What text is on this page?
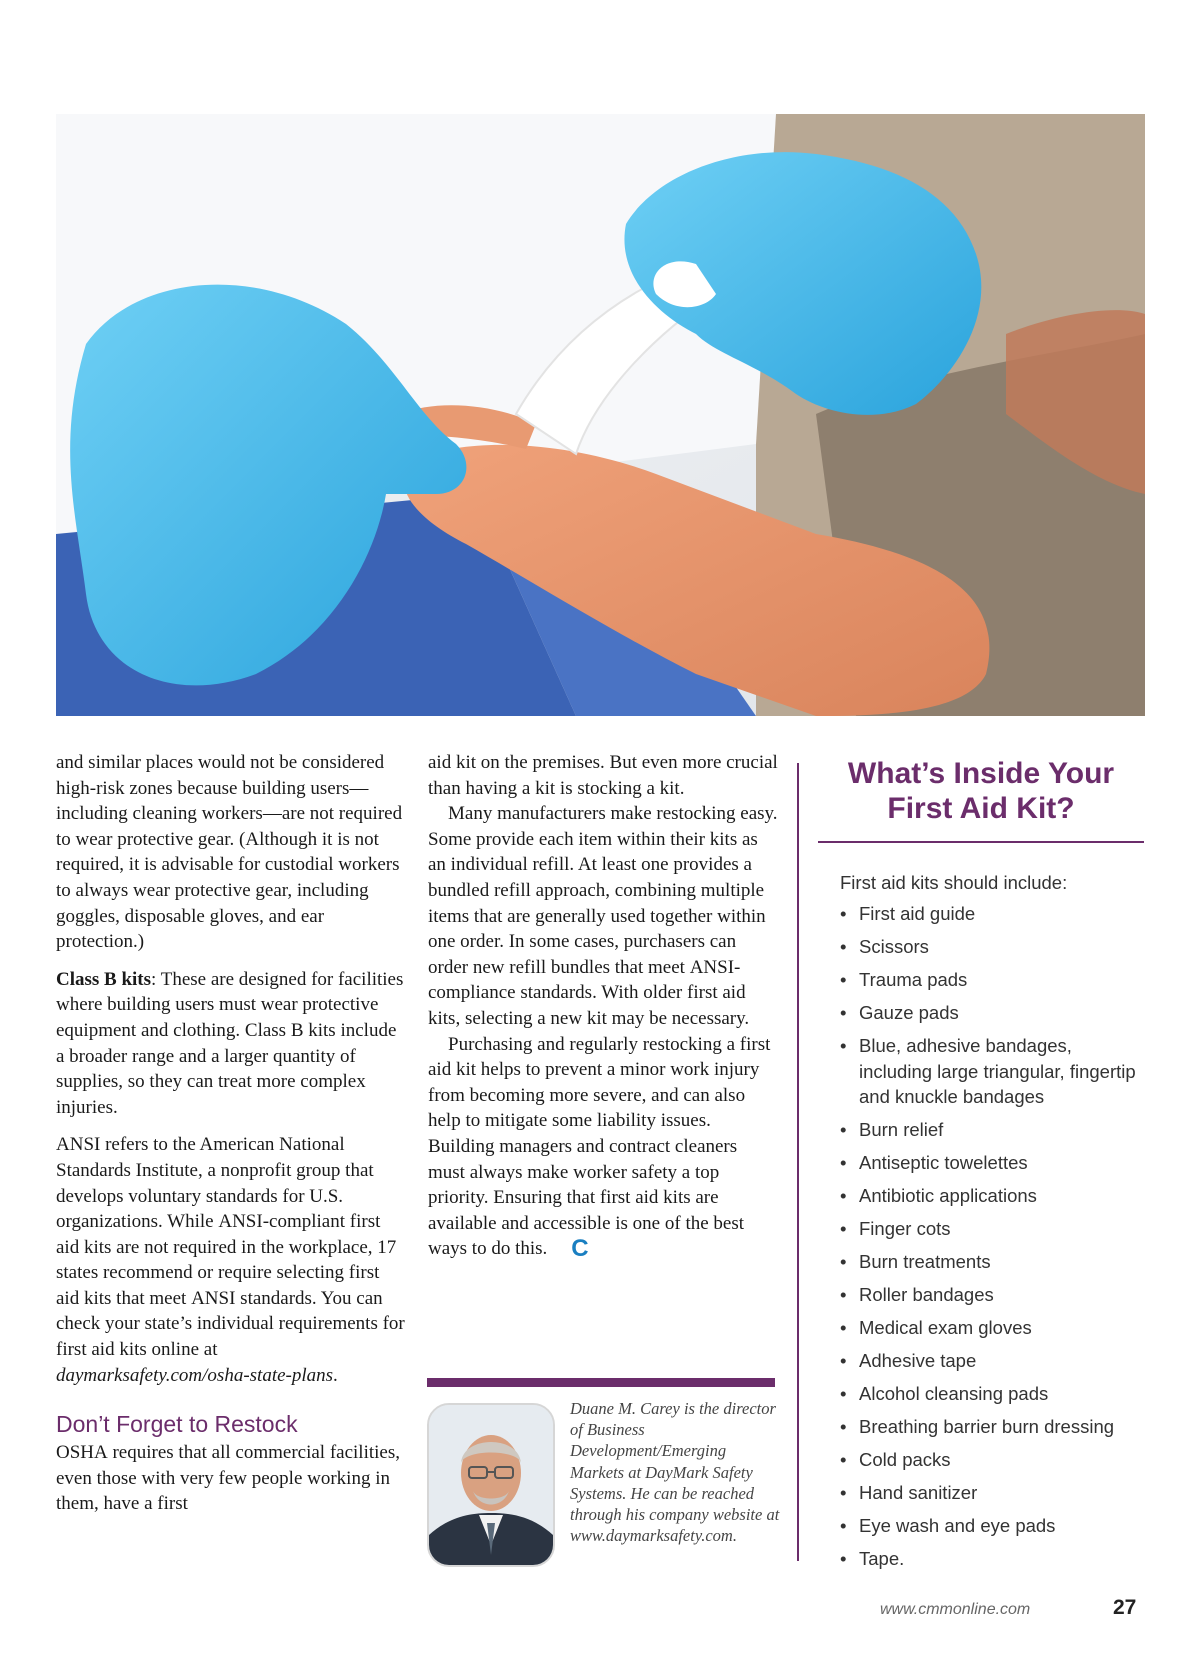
and similar places would not be considered high-risk zones because building users—including cleaning workers—are not required to wear protective gear. (Although it is not required, it is advisable for custodial workers to always wear protective gear, including goggles, disposable gloves, and ear protection.)

Class B kits: These are designed for facilities where building users must wear protective equipment and clothing. Class B kits include a broader range and a larger quantity of supplies, so they can treat more complex injuries.

ANSI refers to the American National Standards Institute, a nonprofit group that develops voluntary standards for U.S. organizations. While ANSI-compliant first aid kits are not required in the workplace, 17 states recommend or require selecting first aid kits that meet ANSI standards. You can check your state’s individual requirements for first aid kits online at daymarksafety.com/osha-state-plans.

Don’t Forget to Restock

OSHA requires that all commercial facilities, even those with very few people working in them, have a first

aid kit on the premises. But even more crucial than having a kit is stocking a kit.

Many manufacturers make restocking easy. Some provide each item within their kits as an individual refill. At least one provides a bundled refill approach, combining multiple items that are generally used together within one order. In some cases, purchasers can order new refill bundles that meet ANSI-compliance standards. With older first aid kits, selecting a new kit may be necessary.

Purchasing and regularly restocking a first aid kit helps to prevent a minor work injury from becoming more severe, and can also help to mitigate some liability issues. Building managers and contract cleaners must always make worker safety a top priority. Ensuring that first aid kits are available and accessible is one of the best ways to do this. C

Duane M. Carey is the director of Business Development/Emerging Markets at DayMark Safety Systems. He can be reached through his company website at www.daymarksafety.com.
What’s Inside Your First Aid Kit?

First aid kits should include:

• First aid guide
• Scissors
• Trauma pads
• Gauze pads
• Blue, adhesive bandages, including large triangular, fingertip and knuckle bandages
• Burn relief
• Antiseptic towelettes
• Antibiotic applications
• Finger cots
• Burn treatments
• Roller bandages
• Medical exam gloves
• Adhesive tape
• Alcohol cleansing pads
• Breathing barrier burn dressing
• Cold packs
• Hand sanitizer
• Eye wash and eye pads
• Tape.
www.cmmonline.com	27
